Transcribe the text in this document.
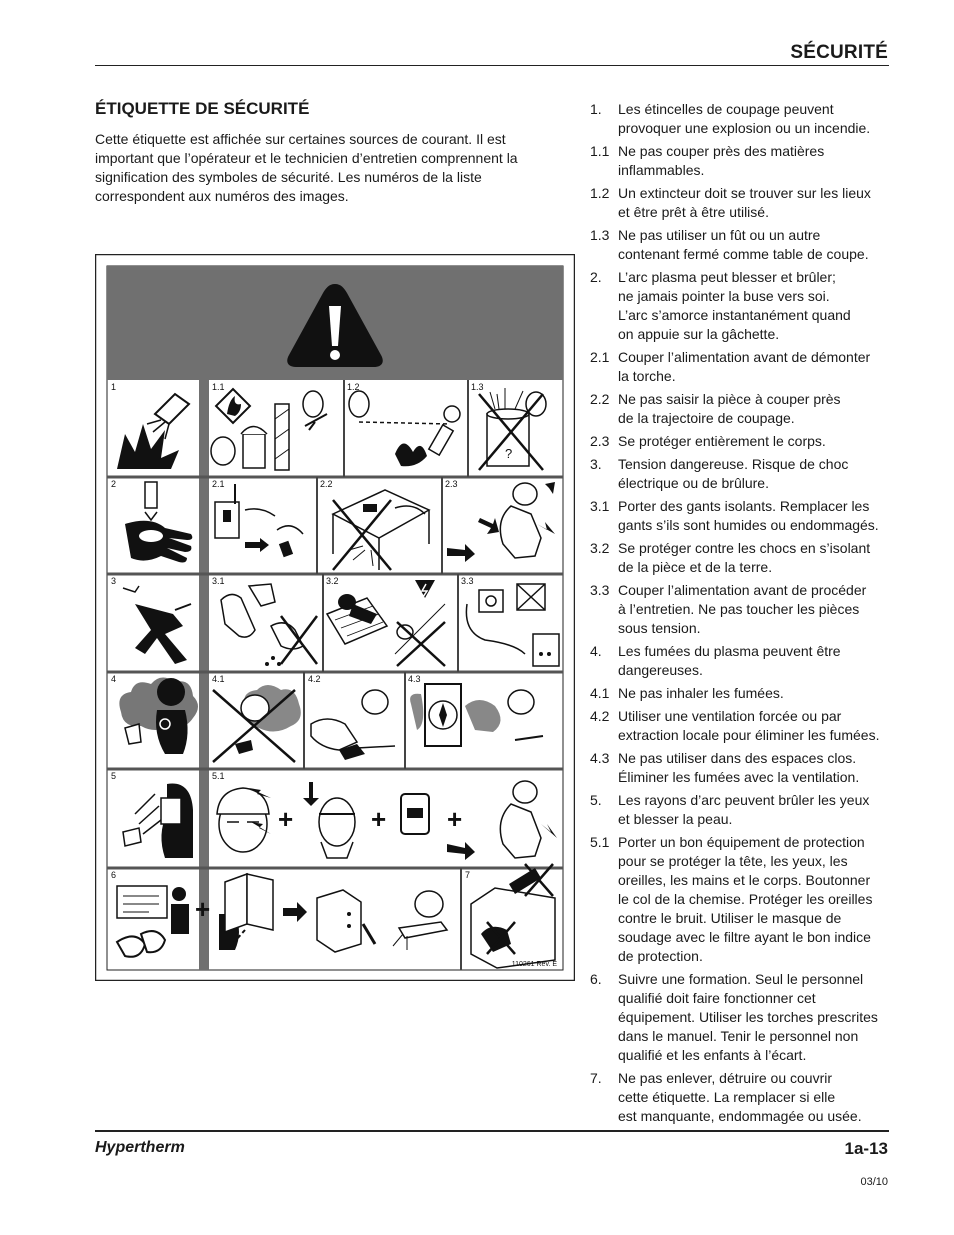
SÉCURITÉ
ÉTIQUETTE DE SÉCURITÉ

Cette étiquette est affichée sur certaines sources de courant. Il est important que l’opérateur et le technicien d’entretien comprennent la signification des symboles de sécurité. Les numéros de la liste correspondent aux numéros des images.

1	1.1	1.2	1.3
2	2.1	2.2	2.3
3	3.1	3.2	3.3
4	4.1	4.2	4.3
5	5.1
6	7
?
+	+ +
+
110261 Rev. E
1.	Les étincelles de coupage peuvent
provoquer une explosion ou un incendie.
1.1 Ne pas couper près des matières
inflammables.
1.2 Un extincteur doit se trouver sur les lieux
et être prêt à être utilisé.
1.3 Ne pas utiliser un fût ou un autre
contenant fermé comme table de coupe.
2.	L’arc plasma peut blesser et brûler;
ne jamais pointer la buse vers soi.
L’arc s’amorce instantanément quand
on appuie sur la gâchette.
2.1 Couper l’alimentation avant de démonter
la torche.
2.2 Ne pas saisir la pièce à couper près
de la trajectoire de coupage.
2.3 Se protéger entièrement le corps.
3.	Tension dangereuse. Risque de choc
électrique ou de brûlure.
3.1 Porter des gants isolants. Remplacer les
gants s’ils sont humides ou endommagés.
3.2 Se protéger contre les chocs en s’isolant
de la pièce et de la terre.
3.3 Couper l’alimentation avant de procéder
à l’entretien. Ne pas toucher les pièces
sous tension.
4.	Les fumées du plasma peuvent être
dangereuses.
4.1 Ne pas inhaler les fumées.
4.2 Utiliser une ventilation forcée ou par
extraction locale pour éliminer les fumées.
4.3 Ne pas utiliser dans des espaces clos.
Éliminer les fumées avec la ventilation.
5.	Les rayons d’arc peuvent brûler les yeux
et blesser la peau.
5.1 Porter un bon équipement de protection
pour se protéger la tête, les yeux, les
oreilles, les mains et le corps. Boutonner
le col de la chemise. Protéger les oreilles
contre le bruit. Utiliser le masque de
soudage avec le filtre ayant le bon indice
de protection.
6.	Suivre une formation. Seul le personnel
qualifié doit faire fonctionner cet
équipement. Utiliser les torches prescrites
dans le manuel. Tenir le personnel non
qualifié et les enfants à l’écart.
7.	Ne pas enlever, détruire ou couvrir
cette étiquette. La remplacer si elle
est manquante, endommagée ou usée.
Hypertherm	1a-13
03/10
